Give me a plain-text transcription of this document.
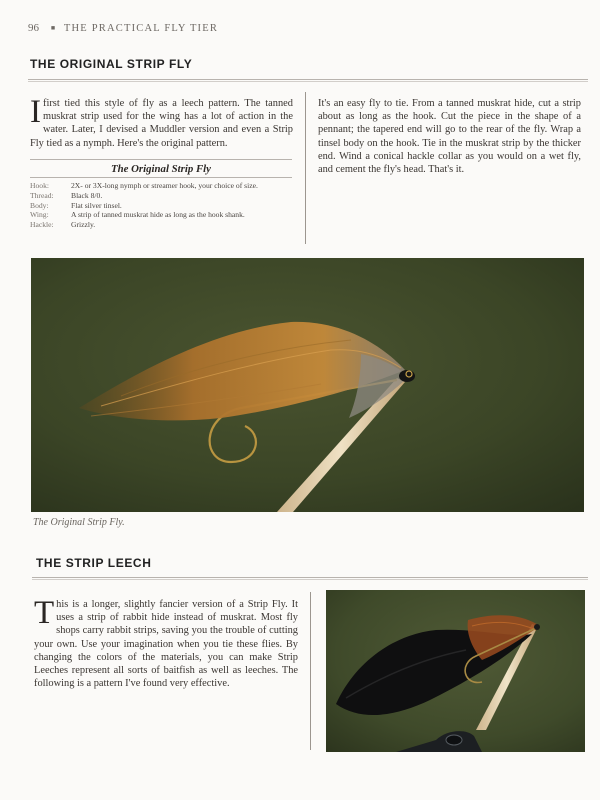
96 ■ THE PRACTICAL FLY TIER
THE ORIGINAL STRIP FLY
Ifirst tied this style of fly as a leech pattern. The tanned muskrat strip used for the wing has a lot of action in the water. Later, I devised a Muddler version and even a Strip Fly tied as a nymph. Here's the original pattern.
The Original Strip Fly
Hook:	2X- or 3X-long nymph or streamer hook, your choice of size.
Thread:	Black 8/0.
Body:	Flat silver tinsel.
Wing:	A strip of tanned muskrat hide as long as the hook shank.
Hackle:	Grizzly.
It's an easy fly to tie. From a tanned muskrat hide, cut a strip about as long as the hook. Cut the piece in the shape of a pennant; the tapered end will go to the rear of the fly. Wrap a tinsel body on the hook. Tie in the muskrat strip by the thicker end. Wind a conical hackle collar as you would on a wet fly, and cement the fly's head. That's it.
The Original Strip Fly.
THE STRIP LEECH
This is a longer, slightly fancier version of a Strip Fly. It uses a strip of rabbit hide instead of muskrat. Most fly shops carry rabbit strips, saving you the trouble of cutting your own. Use your imagination when you tie these flies. By changing the colors of the materials, you can make Strip Leeches represent all sorts of baitfish as well as leeches. The following is a pattern I've found very effective.
